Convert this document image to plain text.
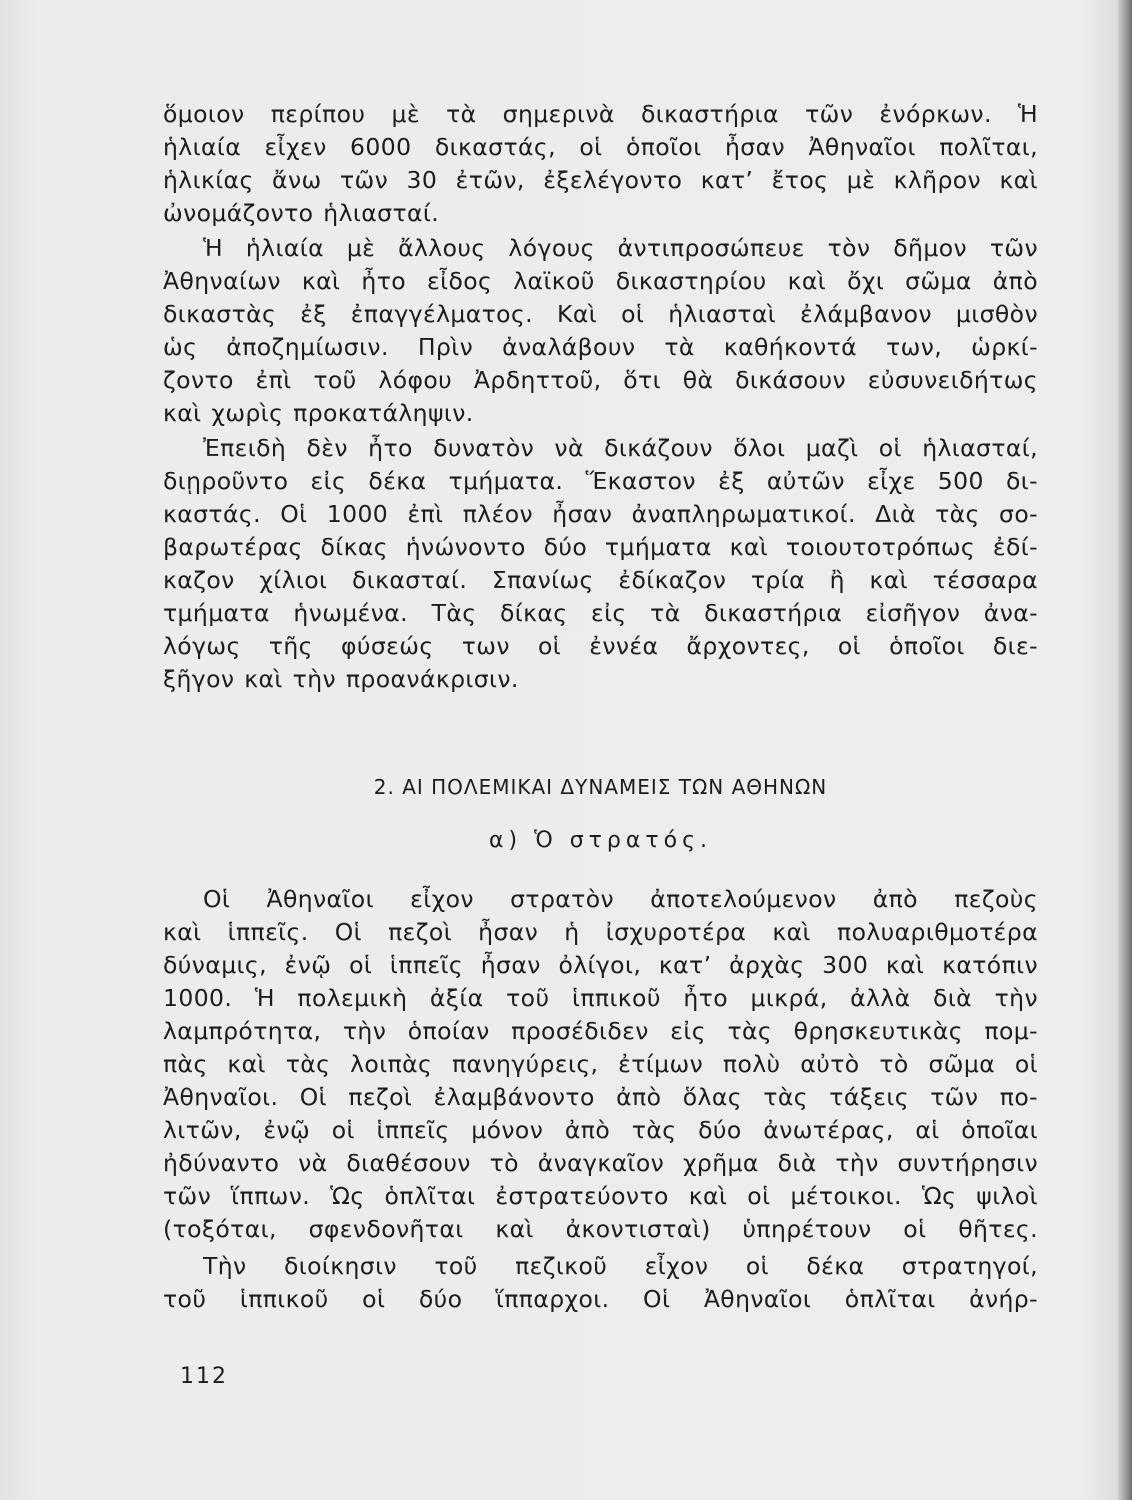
ὅμοιον περίπου μὲ τὰ σημερινὰ δικαστήρια τῶν ἐνόρκων. Ἡ

ἡλιαία εἶχεν 6000 δικαστάς, οἱ ὁποῖοι ἦσαν Ἀθηναῖοι πολῖται,

ἡλικίας ἄνω τῶν 30 ἐτῶν, ἐξελέγοντο κατ’ ἔτος μὲ κλῆρον καὶ

ὠνομάζοντο ἡλιασταί.

Ἡ ἡλιαία μὲ ἄλλους λόγους ἀντιπροσώπευε τὸν δῆμον τῶν

Ἀθηναίων καὶ ἦτο εἶδος λαϊκοῦ δικαστηρίου καὶ ὄχι σῶμα ἀπὸ

δικαστὰς ἐξ ἐπαγγέλματος. Καὶ οἱ ἡλιασταὶ ἐλάμβανον μισθὸν

ὡς ἀποζημίωσιν. Πρὶν ἀναλάβουν τὰ καθήκοντά των, ὡρκί-

ζοντο ἐπὶ τοῦ λόφου Ἀρδηττοῦ, ὅτι θὰ δικάσουν εὐσυνειδήτως

καὶ χωρὶς προκατάληψιν.

Ἐπειδὴ δὲν ἦτο δυνατὸν νὰ δικάζουν ὅλοι μαζὶ οἱ ἡλιασταί,

διῃροῦντο εἰς δέκα τμήματα. Ἕκαστον ἐξ αὐτῶν εἶχε 500 δι-

καστάς. Οἱ 1000 ἐπὶ πλέον ἦσαν ἀναπληρωματικοί. Διὰ τὰς σο-

βαρωτέρας δίκας ἡνώνοντο δύο τμήματα καὶ τοιουτοτρόπως ἐδί-

καζον χίλιοι δικασταί. Σπανίως ἐδίκαζον τρία ἢ καὶ τέσσαρα

τμήματα ἡνωμένα. Τὰς δίκας εἰς τὰ δικαστήρια εἰσῆγον ἀνα-

λόγως τῆς φύσεώς των οἱ ἐννέα ἄρχοντες, οἱ ὁποῖοι διε-

ξῆγον καὶ τὴν προανάκρισιν.

2. ΑΙ ΠΟΛΕΜΙΚΑΙ ΔΥΝΑΜΕΙΣ ΤΩΝ ΑΘΗΝΩΝ
α) Ὁ στρατός.

Οἱ Ἀθηναῖοι εἶχον στρατὸν ἀποτελούμενον ἀπὸ πεζοὺς

καὶ ἱππεῖς. Οἱ πεζοὶ ἦσαν ἡ ἰσχυροτέρα καὶ πολυαριθμοτέρα

δύναμις, ἐνῷ οἱ ἱππεῖς ἦσαν ὀλίγοι, κατ’ ἀρχὰς 300 καὶ κατόπιν

1000. Ἡ πολεμικὴ ἀξία τοῦ ἱππικοῦ ἦτο μικρά, ἀλλὰ διὰ τὴν

λαμπρότητα, τὴν ὁποίαν προσέδιδεν εἰς τὰς θρησκευτικὰς πομ-

πὰς καὶ τὰς λοιπὰς πανηγύρεις, ἐτίμων πολὺ αὐτὸ τὸ σῶμα οἱ

Ἀθηναῖοι. Οἱ πεζοὶ ἐλαμβάνοντο ἀπὸ ὅλας τὰς τάξεις τῶν πο-

λιτῶν, ἐνῷ οἱ ἱππεῖς μόνον ἀπὸ τὰς δύο ἀνωτέρας, αἱ ὁποῖαι

ἠδύναντο νὰ διαθέσουν τὸ ἀναγκαῖον χρῆμα διὰ τὴν συντήρησιν

τῶν ἵππων. Ὡς ὁπλῖται ἐστρατεύοντο καὶ οἱ μέτοικοι. Ὡς ψιλοὶ

(τοξόται, σφενδονῆται καὶ ἀκοντισταὶ) ὑπηρέτουν οἱ θῆτες.

Τὴν διοίκησιν τοῦ πεζικοῦ εἶχον οἱ δέκα στρατηγοί,

τοῦ ἱππικοῦ οἱ δύο ἵππαρχοι. Οἱ Ἀθηναῖοι ὁπλῖται ἀνήρ-

112
